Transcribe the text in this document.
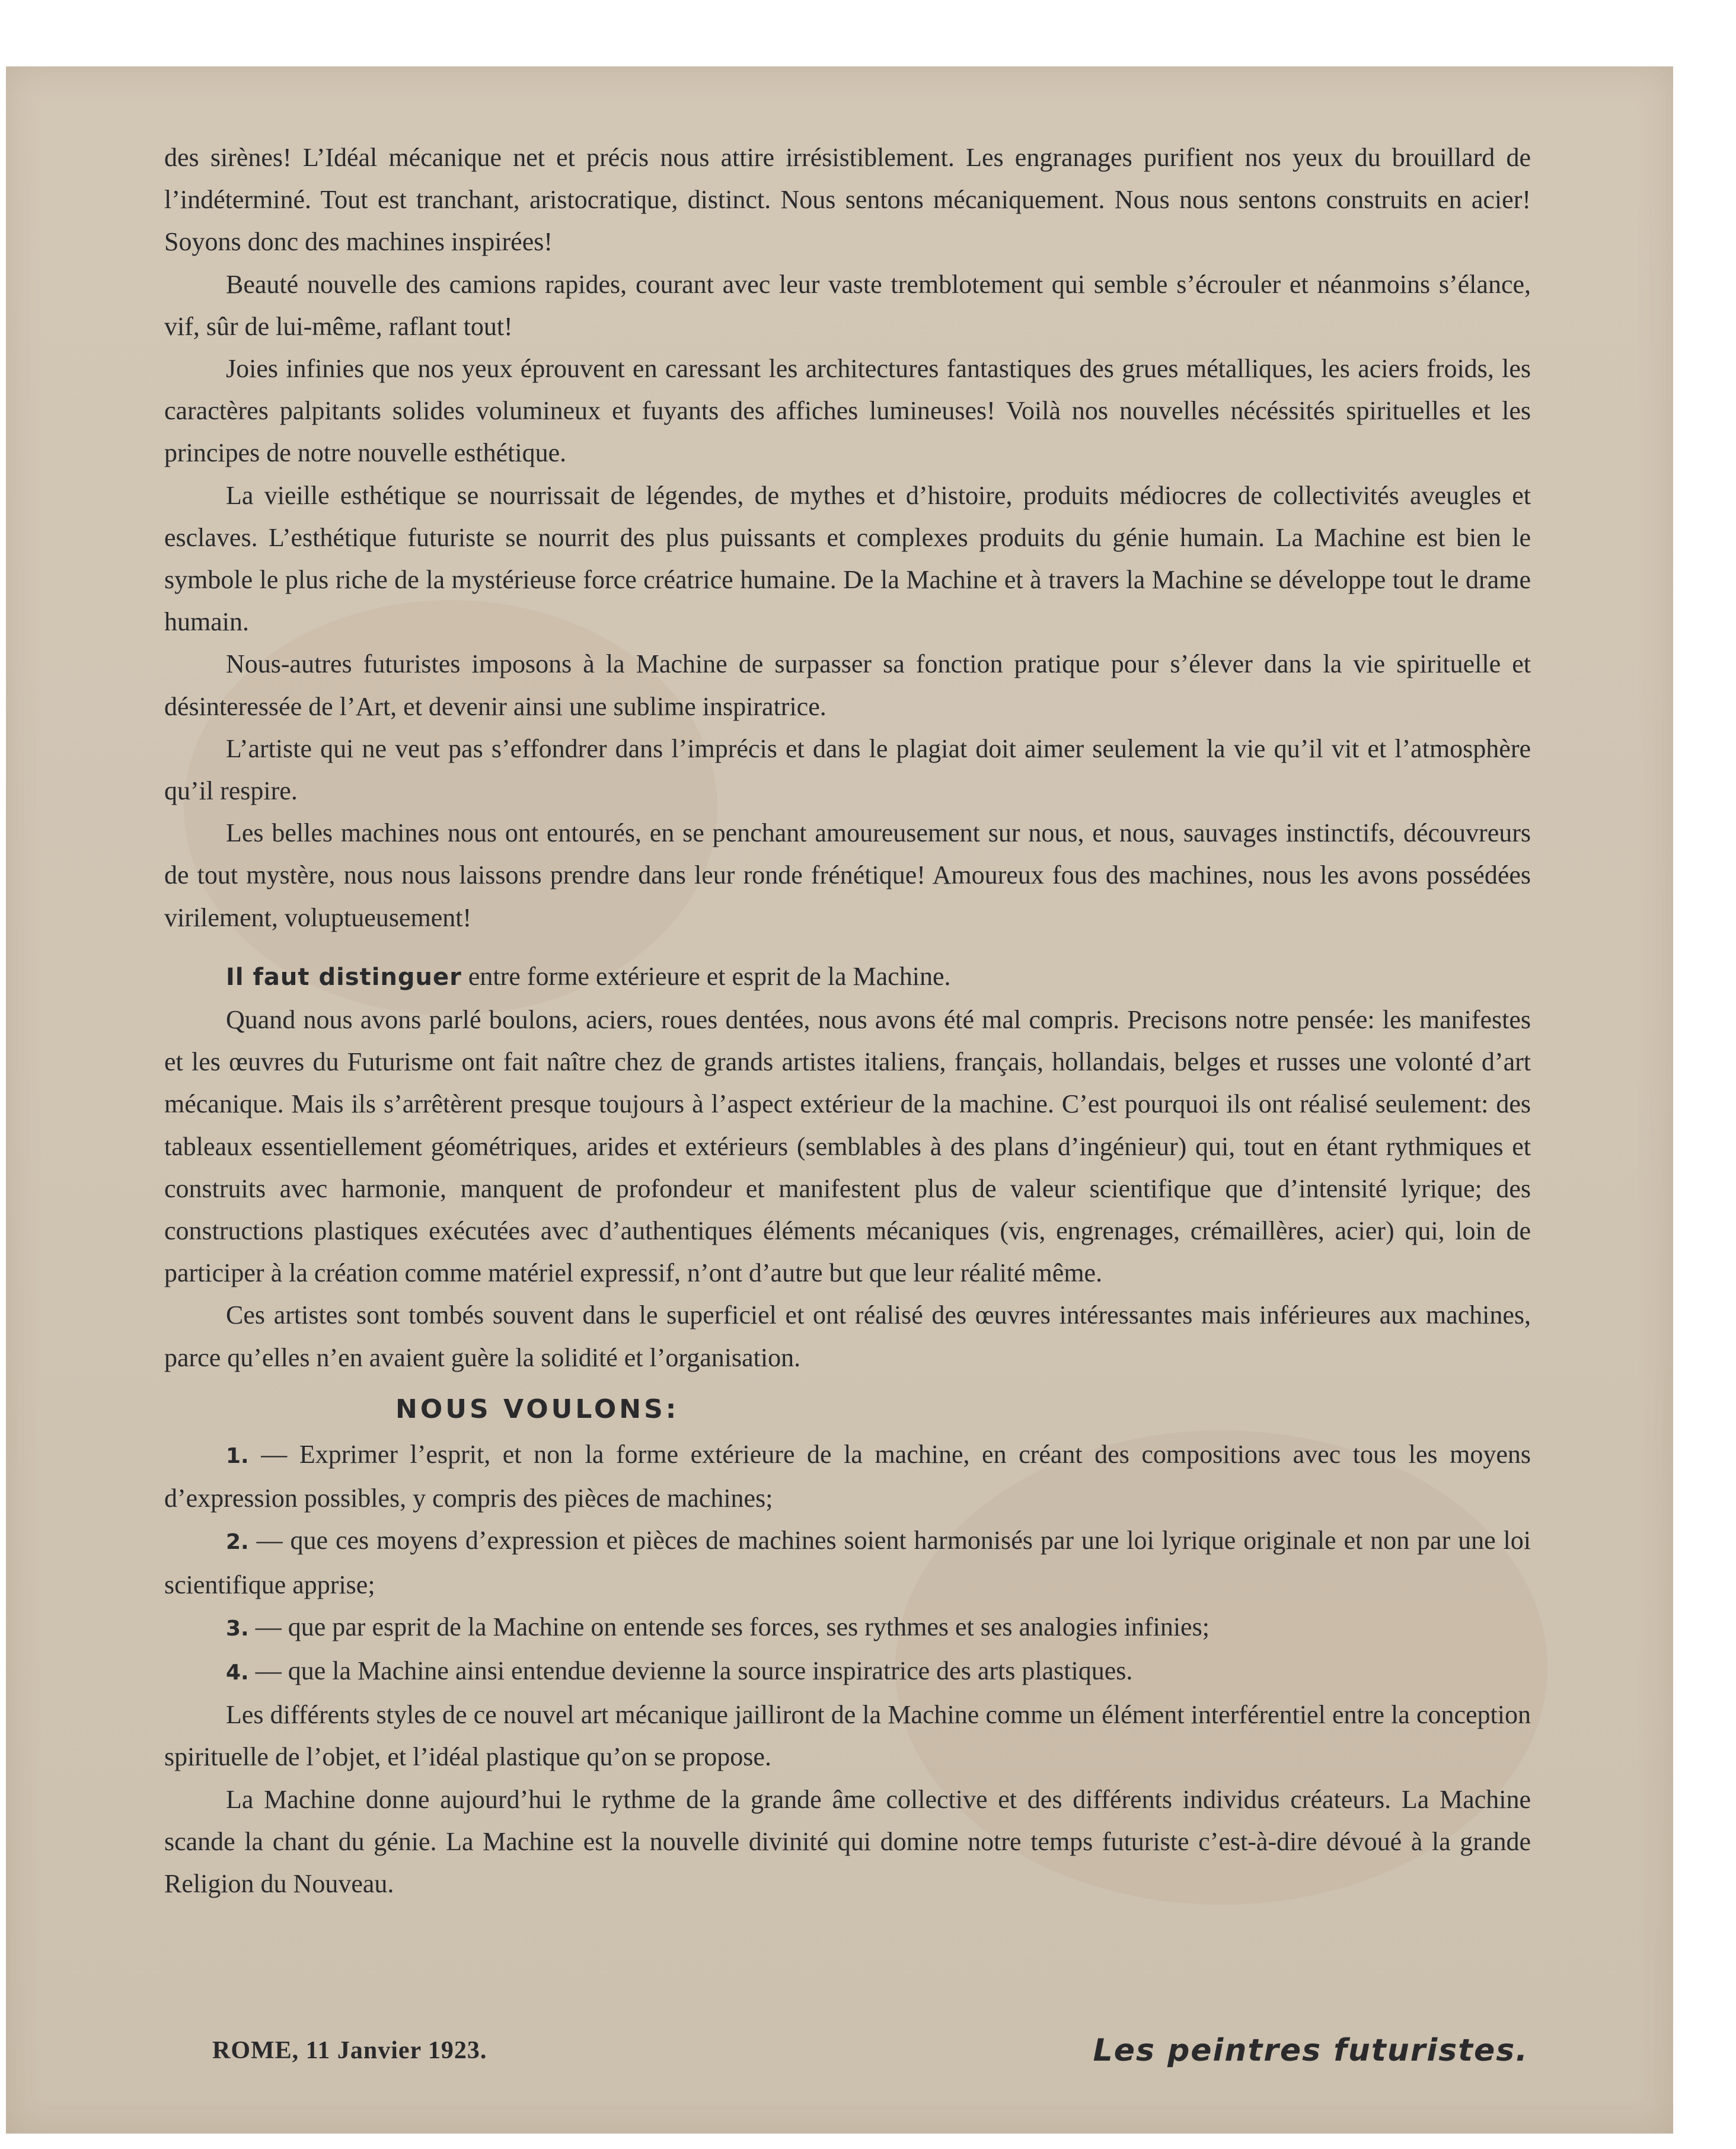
des sirènes! L’Idéal mécanique net et précis nous attire irrésistiblement. Les engranages purifient nos yeux du brouillard de l’indéterminé. Tout est tranchant, aristocratique, distinct. Nous sentons mécaniquement. Nous nous sentons construits en acier! Soyons donc des machines inspirées!

Beauté nouvelle des camions rapides, courant avec leur vaste tremblotement qui semble s’écrouler et néanmoins s’élance, vif, sûr de lui-même, raflant tout!

Joies infinies que nos yeux éprouvent en caressant les architectures fantastiques des grues métalliques, les aciers froids, les caractères palpitants solides volumineux et fuyants des affiches lumineuses! Voilà nos nouvelles nécéssités spirituelles et les principes de notre nouvelle esthétique.

La vieille esthétique se nourrissait de légendes, de mythes et d’histoire, produits médiocres de collectivités aveugles et esclaves. L’esthétique futuriste se nourrit des plus puissants et complexes produits du génie humain. La Machine est bien le symbole le plus riche de la mystérieuse force créatrice humaine. De la Machine et à travers la Machine se développe tout le drame humain.

Nous-autres futuristes imposons à la Machine de surpasser sa fonction pratique pour s’élever dans la vie spirituelle et désinteressée de l’Art, et devenir ainsi une sublime inspiratrice.

L’artiste qui ne veut pas s’effondrer dans l’imprécis et dans le plagiat doit aimer seulement la vie qu’il vit et l’atmosphère qu’il respire.

Les belles machines nous ont entourés, en se penchant amoureusement sur nous, et nous, sauvages instinctifs, découvreurs de tout mystère, nous nous laissons prendre dans leur ronde frénétique! Amoureux fous des machines, nous les avons possédées virilement, voluptueusement!

Il faut distinguer entre forme extérieure et esprit de la Machine.

Quand nous avons parlé boulons, aciers, roues dentées, nous avons été mal compris. Precisons notre pensée: les manifestes et les œuvres du Futurisme ont fait naître chez de grands artistes italiens, français, hollandais, belges et russes une volonté d’art mécanique. Mais ils s’arrêtèrent presque toujours à l’aspect extérieur de la machine. C’est pourquoi ils ont réalisé seulement: des tableaux essentiellement géométriques, arides et extérieurs (semblables à des plans d’ingénieur) qui, tout en étant rythmiques et construits avec harmonie, manquent de profondeur et manifestent plus de valeur scientifique que d’intensité lyrique; des constructions plastiques exécutées avec d’authentiques éléments mécaniques (vis, engrenages, crémaillères, acier) qui, loin de participer à la création comme matériel expressif, n’ont d’autre but que leur réalité même.

Ces artistes sont tombés souvent dans le superficiel et ont réalisé des œuvres intéressantes mais inférieures aux machines, parce qu’elles n’en avaient guère la solidité et l’organisation.

NOUS VOULONS:

1. — Exprimer l’esprit, et non la forme extérieure de la machine, en créant des compositions avec tous les moyens d’expression possibles, y compris des pièces de machines;

2. — que ces moyens d’expression et pièces de machines soient harmonisés par une loi lyrique originale et non par une loi scientifique apprise;

3. — que par esprit de la Machine on entende ses forces, ses rythmes et ses analogies infinies;

4. — que la Machine ainsi entendue devienne la source inspiratrice des arts plastiques.

Les différents styles de ce nouvel art mécanique jailliront de la Machine comme un élément interférentiel entre la conception spirituelle de l’objet, et l’idéal plastique qu’on se propose.

La Machine donne aujourd’hui le rythme de la grande âme collective et des différents individus créateurs. La Machine scande la chant du génie. La Machine est la nouvelle divinité qui domine notre temps futuriste c’est-à-dire dévoué à la grande Religion du Nouveau.

ROME, 11 Janvier 1923.	Les peintres futuristes.
